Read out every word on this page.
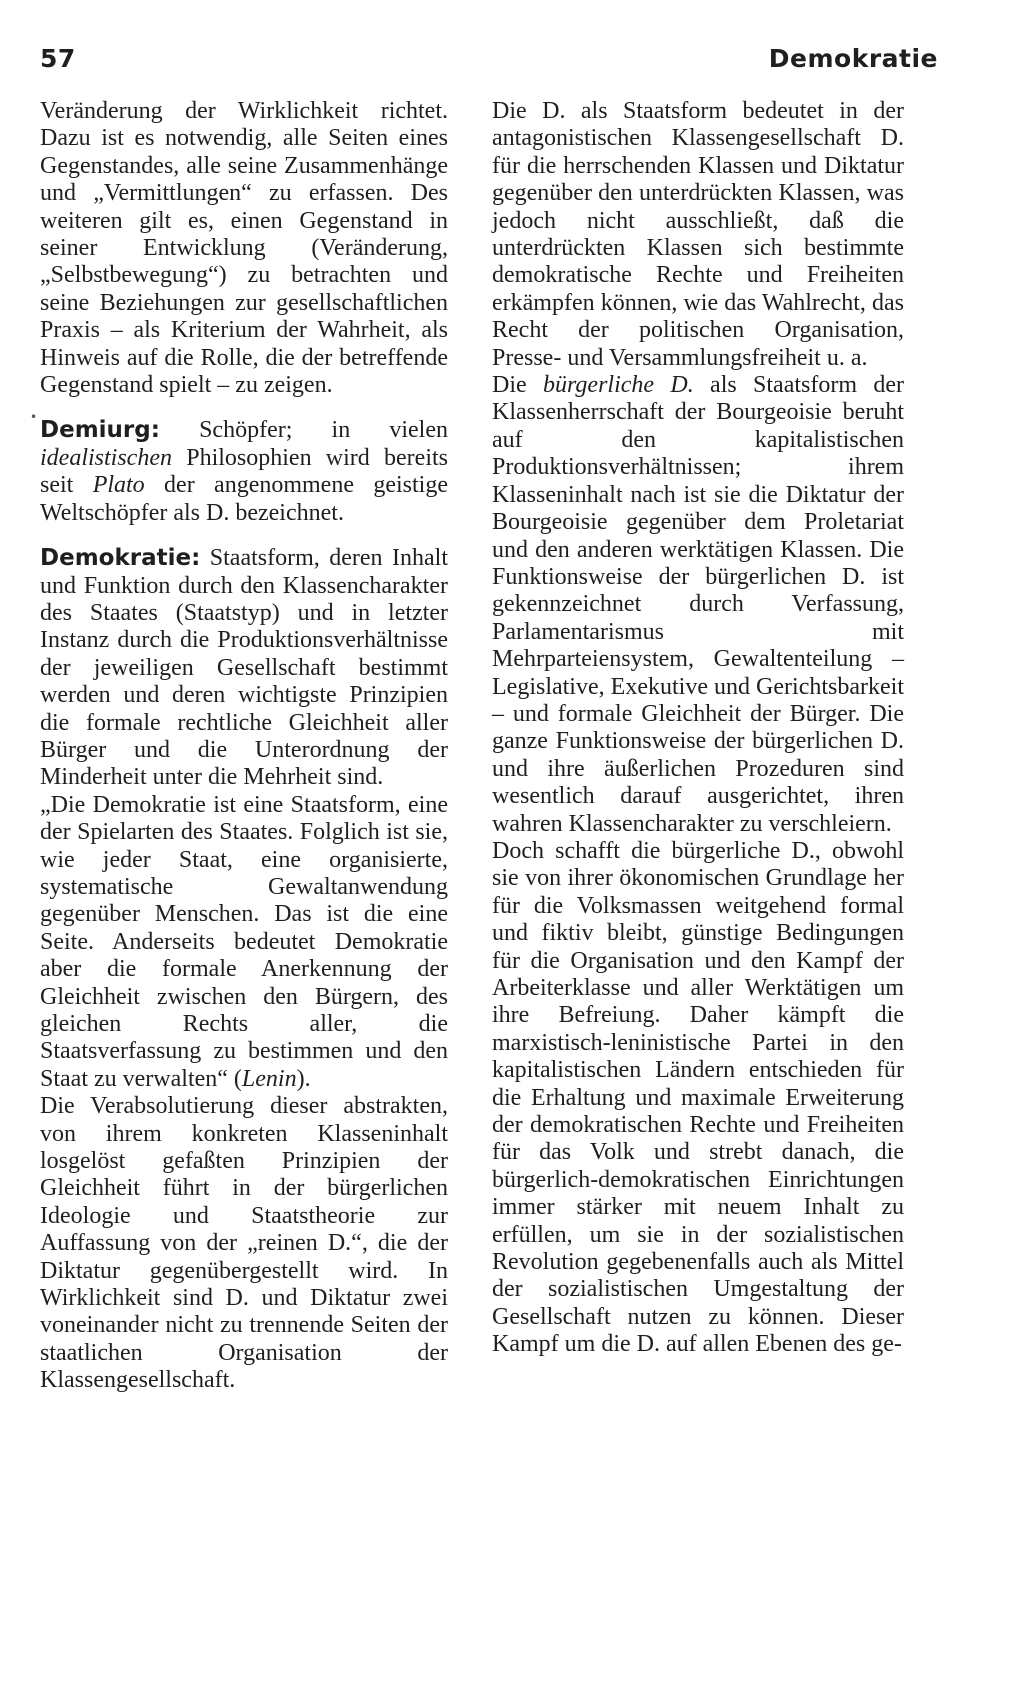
57	Demokratie
•

Veränderung der Wirklichkeit richtet. Dazu ist es notwendig, alle Seiten eines Gegenstandes, alle seine Zusammenhänge und „Vermittlungen“ zu erfassen. Des weiteren gilt es, einen Gegenstand in seiner Entwicklung (Veränderung, „Selbstbewegung“) zu betrachten und seine Beziehungen zur gesellschaftlichen Praxis – als Kriterium der Wahrheit, als Hinweis auf die Rolle, die der betreffende Gegenstand spielt – zu zeigen.

Demiurg: Schöpfer; in vielen idealistischen Philosophien wird bereits seit Plato der angenommene geistige Weltschöpfer als D. bezeichnet.

Demokratie: Staatsform, deren Inhalt und Funktion durch den Klassencharakter des Staates (Staatstyp) und in letzter Instanz durch die Produktionsverhältnisse der jeweiligen Gesellschaft bestimmt werden und deren wichtigste Prinzipien die formale rechtliche Gleichheit aller Bürger und die Unterordnung der Minderheit unter die Mehrheit sind.

„Die Demokratie ist eine Staatsform, eine der Spielarten des Staates. Folglich ist sie, wie jeder Staat, eine organisierte, systematische Gewaltanwendung gegenüber Menschen. Das ist die eine Seite. Anderseits bedeutet Demokratie aber die formale Anerkennung der Gleichheit zwischen den Bürgern, des gleichen Rechts aller, die Staatsverfassung zu bestimmen und den Staat zu verwalten“ (Lenin).

Die Verabsolutierung dieser abstrakten, von ihrem konkreten Klasseninhalt losgelöst gefaßten Prinzipien der Gleichheit führt in der bürgerlichen Ideologie und Staatstheorie zur Auffassung von der „reinen D.“, die der Diktatur gegenübergestellt wird. In Wirklichkeit sind D. und Diktatur zwei voneinander nicht zu trennende Seiten der staatlichen Organisation der Klassengesellschaft.

Die D. als Staatsform bedeutet in der antagonistischen Klassengesellschaft D. für die herrschenden Klassen und Diktatur gegenüber den unterdrückten Klassen, was jedoch nicht ausschließt, daß die unterdrückten Klassen sich bestimmte demokratische Rechte und Freiheiten erkämpfen können, wie das Wahlrecht, das Recht der politischen Organisation, Presse- und Versammlungsfreiheit u. a.

Die bürgerliche D. als Staatsform der Klassenherrschaft der Bourgeoisie beruht auf den kapitalistischen Produktionsverhältnissen; ihrem Klasseninhalt nach ist sie die Diktatur der Bourgeoisie gegenüber dem Proletariat und den anderen werktätigen Klassen. Die Funktionsweise der bürgerlichen D. ist gekennzeichnet durch Verfassung, Parlamentarismus mit Mehrparteiensystem, Gewaltenteilung – Legislative, Exekutive und Gerichtsbarkeit – und formale Gleichheit der Bürger. Die ganze Funktionsweise der bürgerlichen D. und ihre äußerlichen Prozeduren sind wesentlich darauf ausgerichtet, ihren wahren Klassencharakter zu verschleiern.

Doch schafft die bürgerliche D., obwohl sie von ihrer ökonomischen Grundlage her für die Volksmassen weitgehend formal und fiktiv bleibt, günstige Bedingungen für die Organisation und den Kampf der Arbeiterklasse und aller Werktätigen um ihre Befreiung. Daher kämpft die marxistisch-leninistische Partei in den kapitalistischen Ländern entschieden für die Erhaltung und maximale Erweiterung der demokratischen Rechte und Freiheiten für das Volk und strebt danach, die bürgerlich-demokratischen Einrichtungen immer stärker mit neuem Inhalt zu erfüllen, um sie in der sozialistischen Revolution gegebenenfalls auch als Mittel der sozialistischen Umgestaltung der Gesellschaft nutzen zu können. Dieser Kampf um die D. auf allen Ebenen des ge-
